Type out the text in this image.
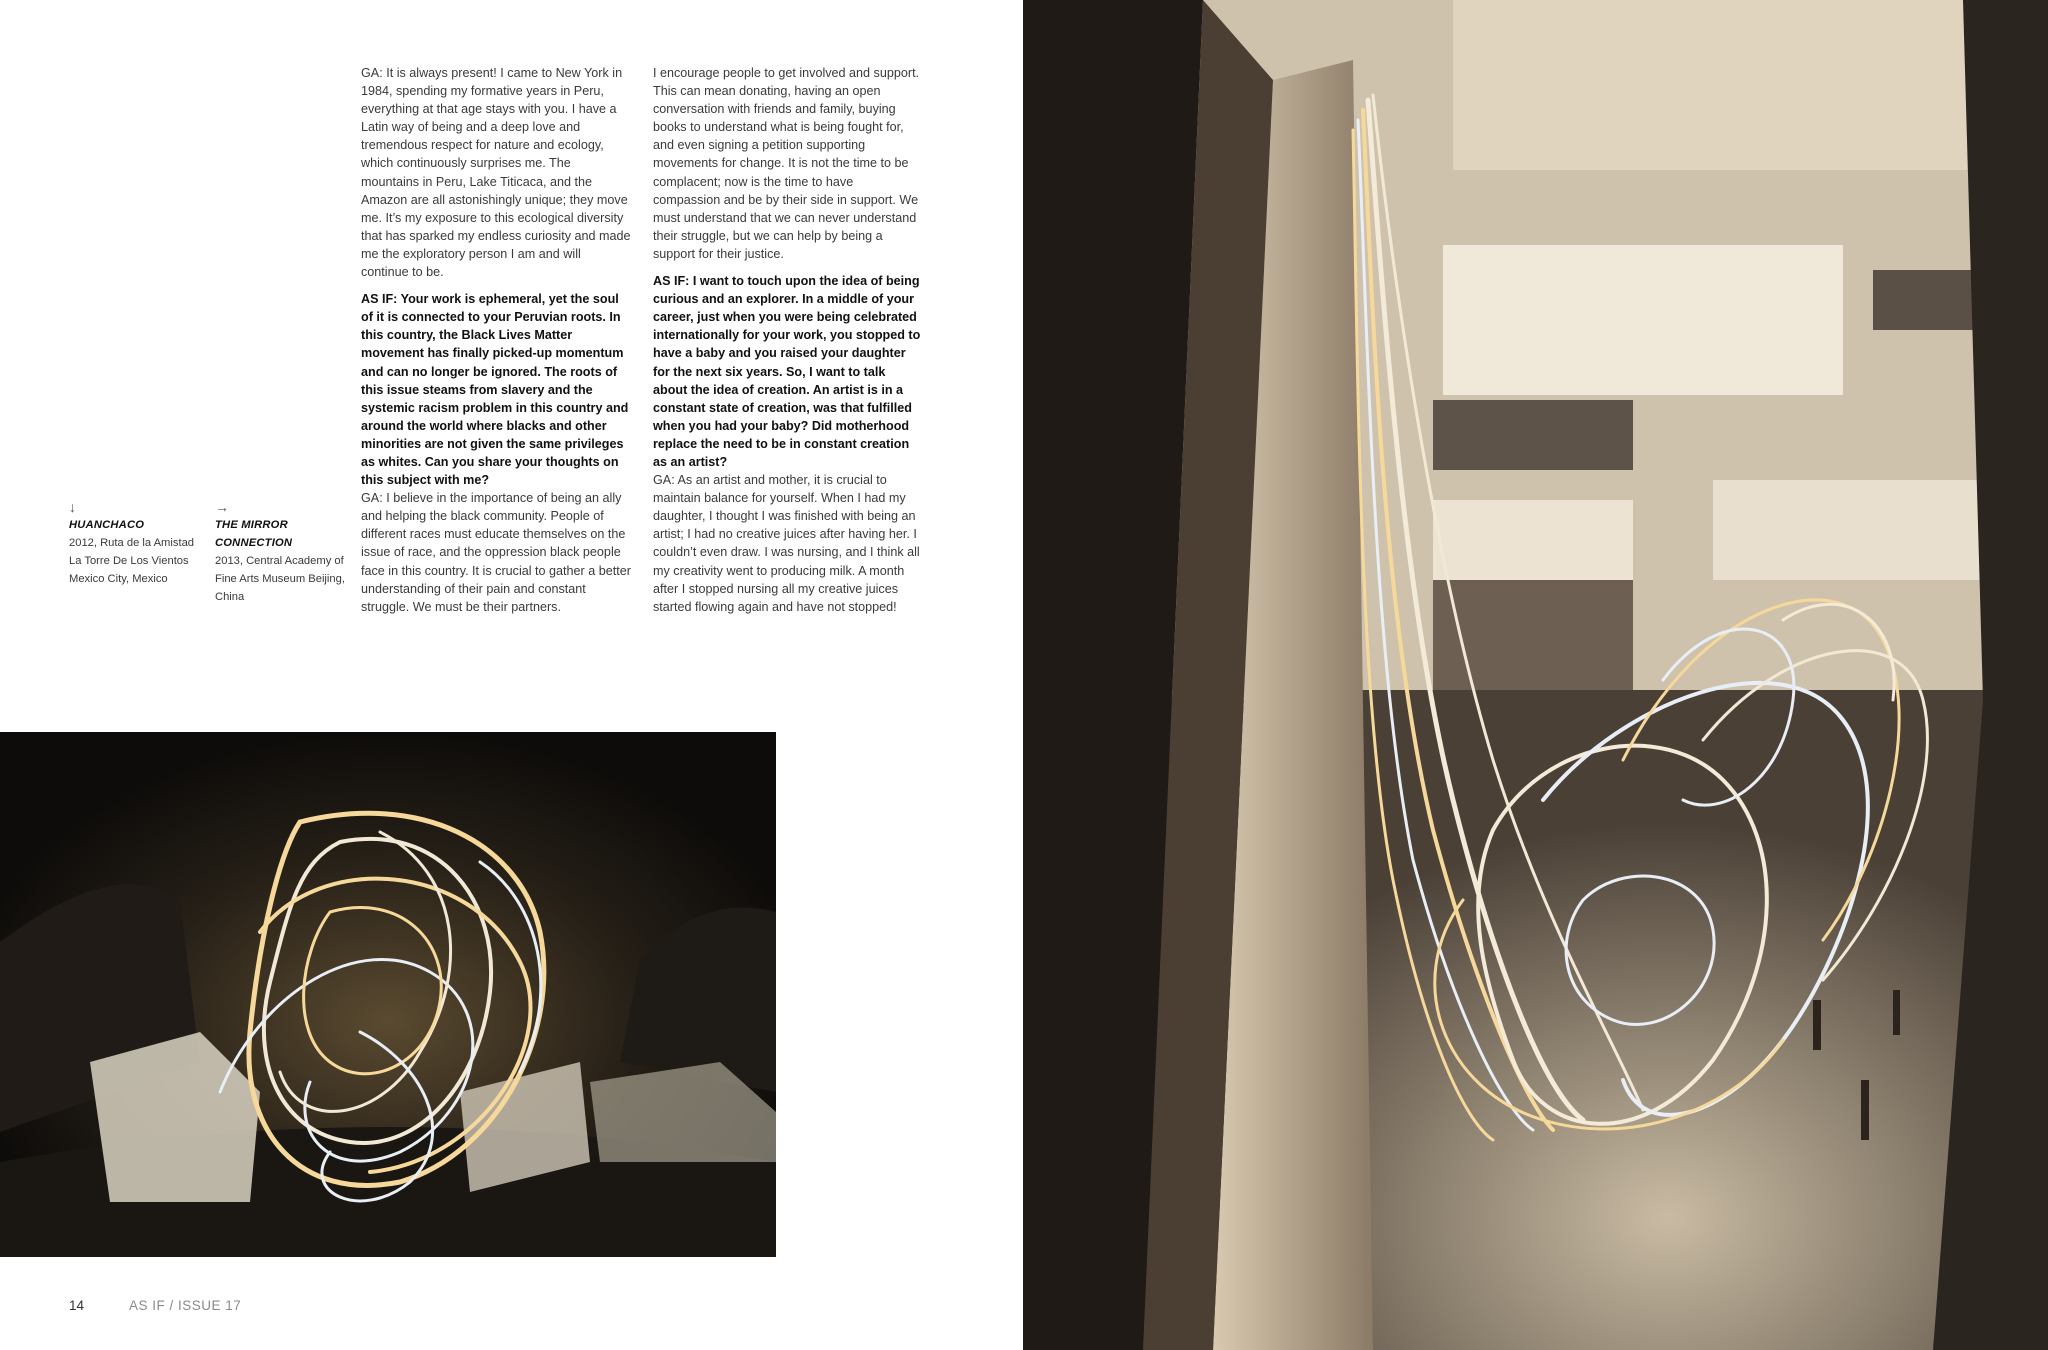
GA: It is always present! I came to New York in 1984, spending my formative years in Peru, everything at that age stays with you. I have a Latin way of being and a deep love and tremendous respect for nature and ecology, which continuously surprises me. The mountains in Peru, Lake Titicaca, and the Amazon are all astonishingly unique; they move me. It’s my exposure to this ecological diversity that has sparked my endless curiosity and made me the exploratory person I am and will continue to be.

AS IF: Your work is ephemeral, yet the soul of it is connected to your Peruvian roots. In this country, the Black Lives Matter movement has finally picked-up momentum and can no longer be ignored. The roots of this issue steams from slavery and the systemic racism problem in this country and around the world where blacks and other minorities are not given the same privileges as whites. Can you share your thoughts on this subject with me?

GA: I believe in the importance of being an ally and helping the black community. People of different races must educate themselves on the issue of race, and the oppression black people face in this country. It is crucial to gather a better understanding of their pain and constant struggle. We must be their partners.

I encourage people to get involved and support. This can mean donating, having an open conversation with friends and family, buying books to understand what is being fought for, and even signing a petition supporting movements for change. It is not the time to be complacent; now is the time to have compassion and be by their side in support. We must understand that we can never understand their struggle, but we can help by being a support for their justice.

AS IF: I want to touch upon the idea of being curious and an explorer. In a middle of your career, just when you were being celebrated internationally for your work, you stopped to have a baby and you raised your daughter for the next six years. So, I want to talk about the idea of creation. An artist is in a constant state of creation, was that fulfilled when you had your baby? Did motherhood replace the need to be in constant creation as an artist?

GA: As an artist and mother, it is crucial to maintain balance for yourself. When I had my daughter, I thought I was finished with being an artist; I had no creative juices after having her. I couldn’t even draw. I was nursing, and I think all my creativity went to producing milk. A month after I stopped nursing all my creative juices started flowing again and have not stopped!

↓
HUANCHACO
2012, Ruta de la Amistad La Torre De Los Vientos Mexico City, Mexico
→
THE MIRROR CONNECTION
2013, Central Academy of Fine Arts Museum Beijing, China
14	AS IF / ISSUE 17
